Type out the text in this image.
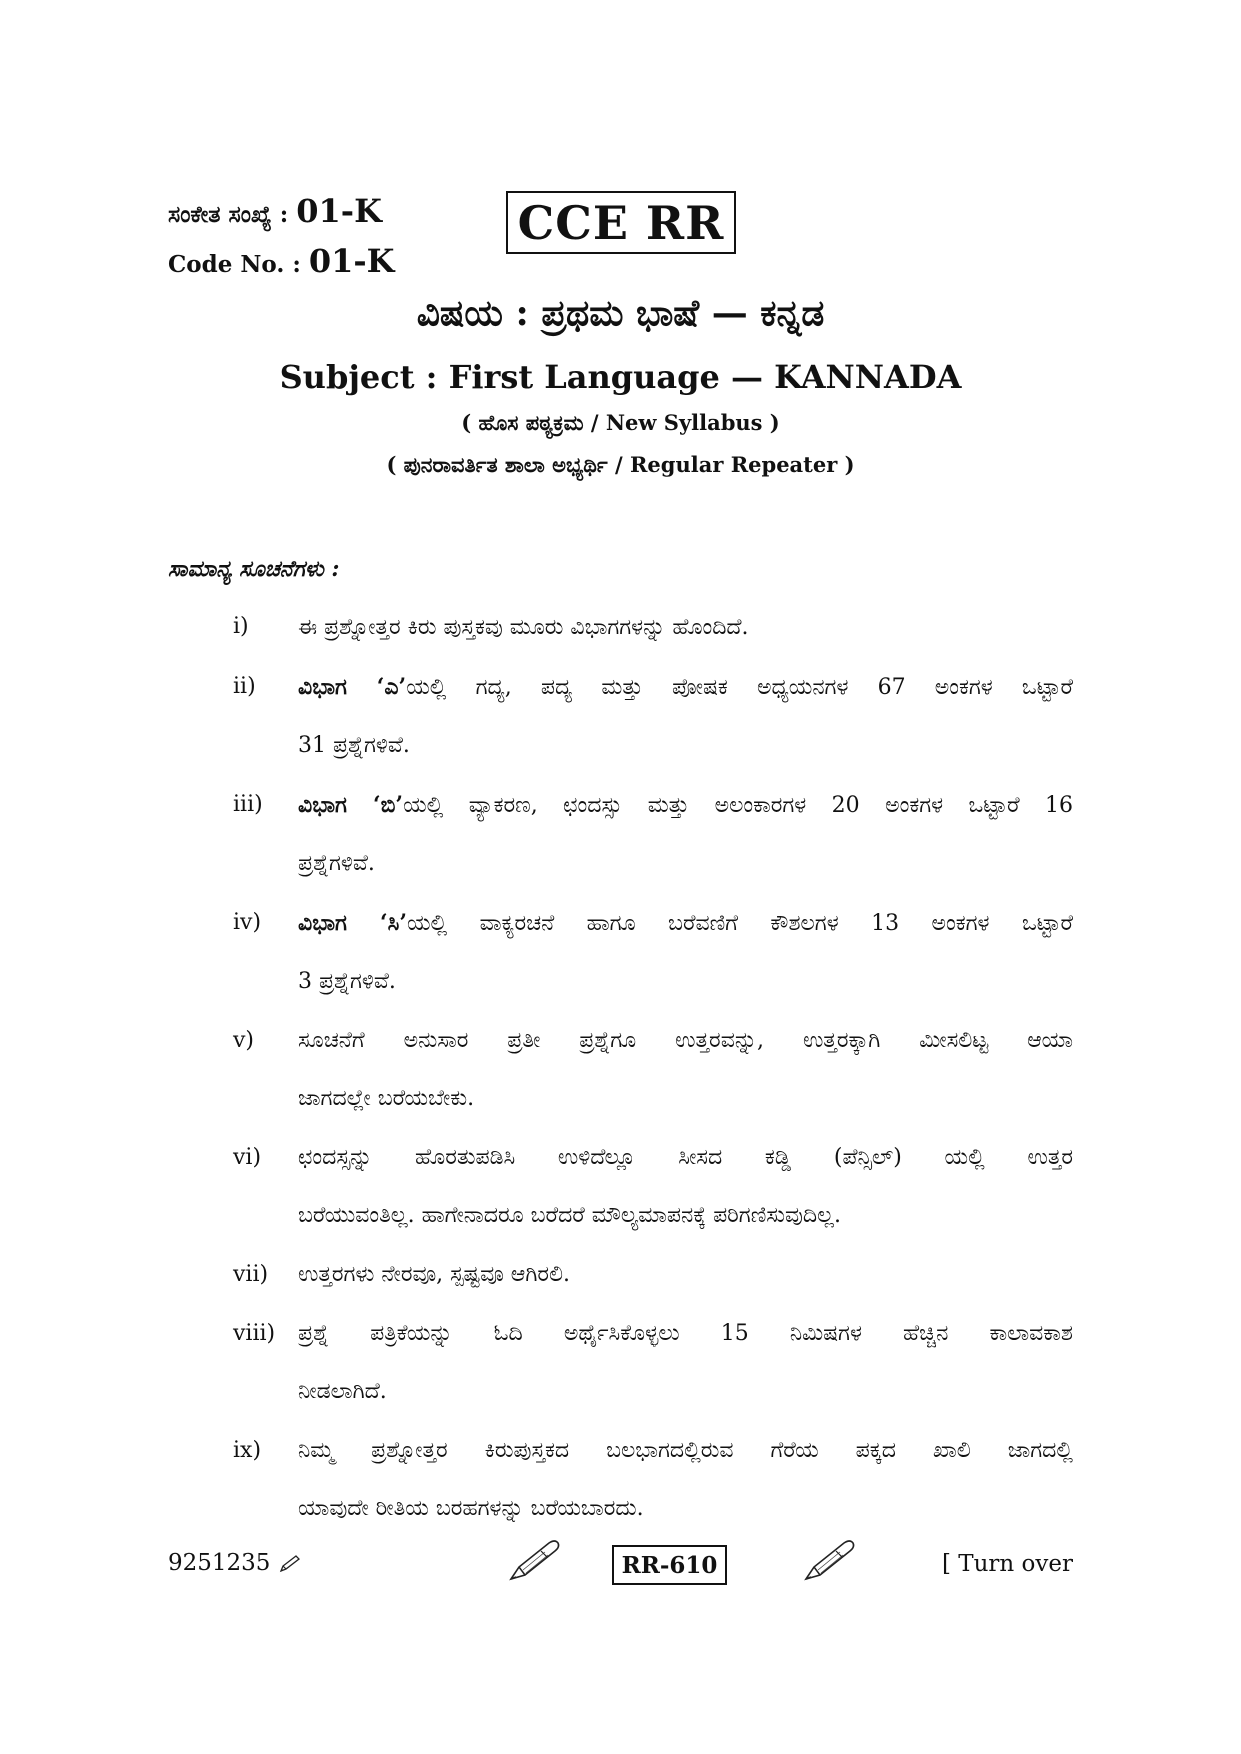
ಸಂಕೇತ ಸಂಖ್ಯೆ : 01-K
Code No. : 01-K
CCE RR
ವಿಷಯ : ಪ್ರಥಮ ಭಾಷೆ — ಕನ್ನಡ
Subject : First Language — KANNADA
( ಹೊಸ ಪಠ್ಯಕ್ರಮ / New Syllabus )
( ಪುನರಾವರ್ತಿತ ಶಾಲಾ ಅಭ್ಯರ್ಥಿ / Regular Repeater )
ಸಾಮಾನ್ಯ ಸೂಚನೆಗಳು :
i)	ಈ ಪ್ರಶ್ನೋತ್ತರ ಕಿರು ಪುಸ್ತಕವು ಮೂರು ವಿಭಾಗಗಳನ್ನು ಹೊಂದಿದೆ.
ii)	ವಿಭಾಗ ‘ಎ’ಯಲ್ಲಿ ಗದ್ಯ, ಪದ್ಯ ಮತ್ತು ಪೋಷಕ ಅಧ್ಯಯನಗಳ 67 ಅಂಕಗಳ ಒಟ್ಟಾರೆ
31 ಪ್ರಶ್ನೆಗಳಿವೆ.
iii)	ವಿಭಾಗ ‘ಬಿ’ಯಲ್ಲಿ ವ್ಯಾಕರಣ, ಛಂದಸ್ಸು ಮತ್ತು ಅಲಂಕಾರಗಳ 20 ಅಂಕಗಳ ಒಟ್ಟಾರೆ 16
ಪ್ರಶ್ನೆಗಳಿವೆ.
iv)	ವಿಭಾಗ ‘ಸಿ’ಯಲ್ಲಿ ವಾಕ್ಯರಚನೆ ಹಾಗೂ ಬರೆವಣಿಗೆ ಕೌಶಲಗಳ 13 ಅಂಕಗಳ ಒಟ್ಟಾರೆ
3 ಪ್ರಶ್ನೆಗಳಿವೆ.
v)	ಸೂಚನೆಗೆ ಅನುಸಾರ ಪ್ರತೀ ಪ್ರಶ್ನೆಗೂ ಉತ್ತರವನ್ನು, ಉತ್ತರಕ್ಕಾಗಿ ಮೀಸಲಿಟ್ಟ ಆಯಾ
ಜಾಗದಲ್ಲೇ ಬರೆಯಬೇಕು.
vi)	ಛಂದಸ್ಸನ್ನು ಹೊರತುಪಡಿಸಿ ಉಳಿದೆಲ್ಲೂ ಸೀಸದ ಕಡ್ಡಿ (ಪೆನ್ಸಿಲ್) ಯಲ್ಲಿ ಉತ್ತರ
ಬರೆಯುವಂತಿಲ್ಲ. ಹಾಗೇನಾದರೂ ಬರೆದರೆ ಮೌಲ್ಯಮಾಪನಕ್ಕೆ ಪರಿಗಣಿಸುವುದಿಲ್ಲ.
vii)	ಉತ್ತರಗಳು ನೇರವೂ, ಸ್ಪಷ್ಟವೂ ಆಗಿರಲಿ.
viii)	ಪ್ರಶ್ನೆ ಪತ್ರಿಕೆಯನ್ನು ಓದಿ ಅರ್ಥೈಸಿಕೊಳ್ಳಲು 15 ನಿಮಿಷಗಳ ಹೆಚ್ಚಿನ ಕಾಲಾವಕಾಶ
ನೀಡಲಾಗಿದೆ.
ix)	ನಿಮ್ಮ ಪ್ರಶ್ನೋತ್ತರ ಕಿರುಪುಸ್ತಕದ ಬಲಭಾಗದಲ್ಲಿರುವ ಗೆರೆಯ ಪಕ್ಕದ ಖಾಲಿ ಜಾಗದಲ್ಲಿ
ಯಾವುದೇ ರೀತಿಯ ಬರಹಗಳನ್ನು ಬರೆಯಬಾರದು.
9251235	RR-610	[ Turn over
